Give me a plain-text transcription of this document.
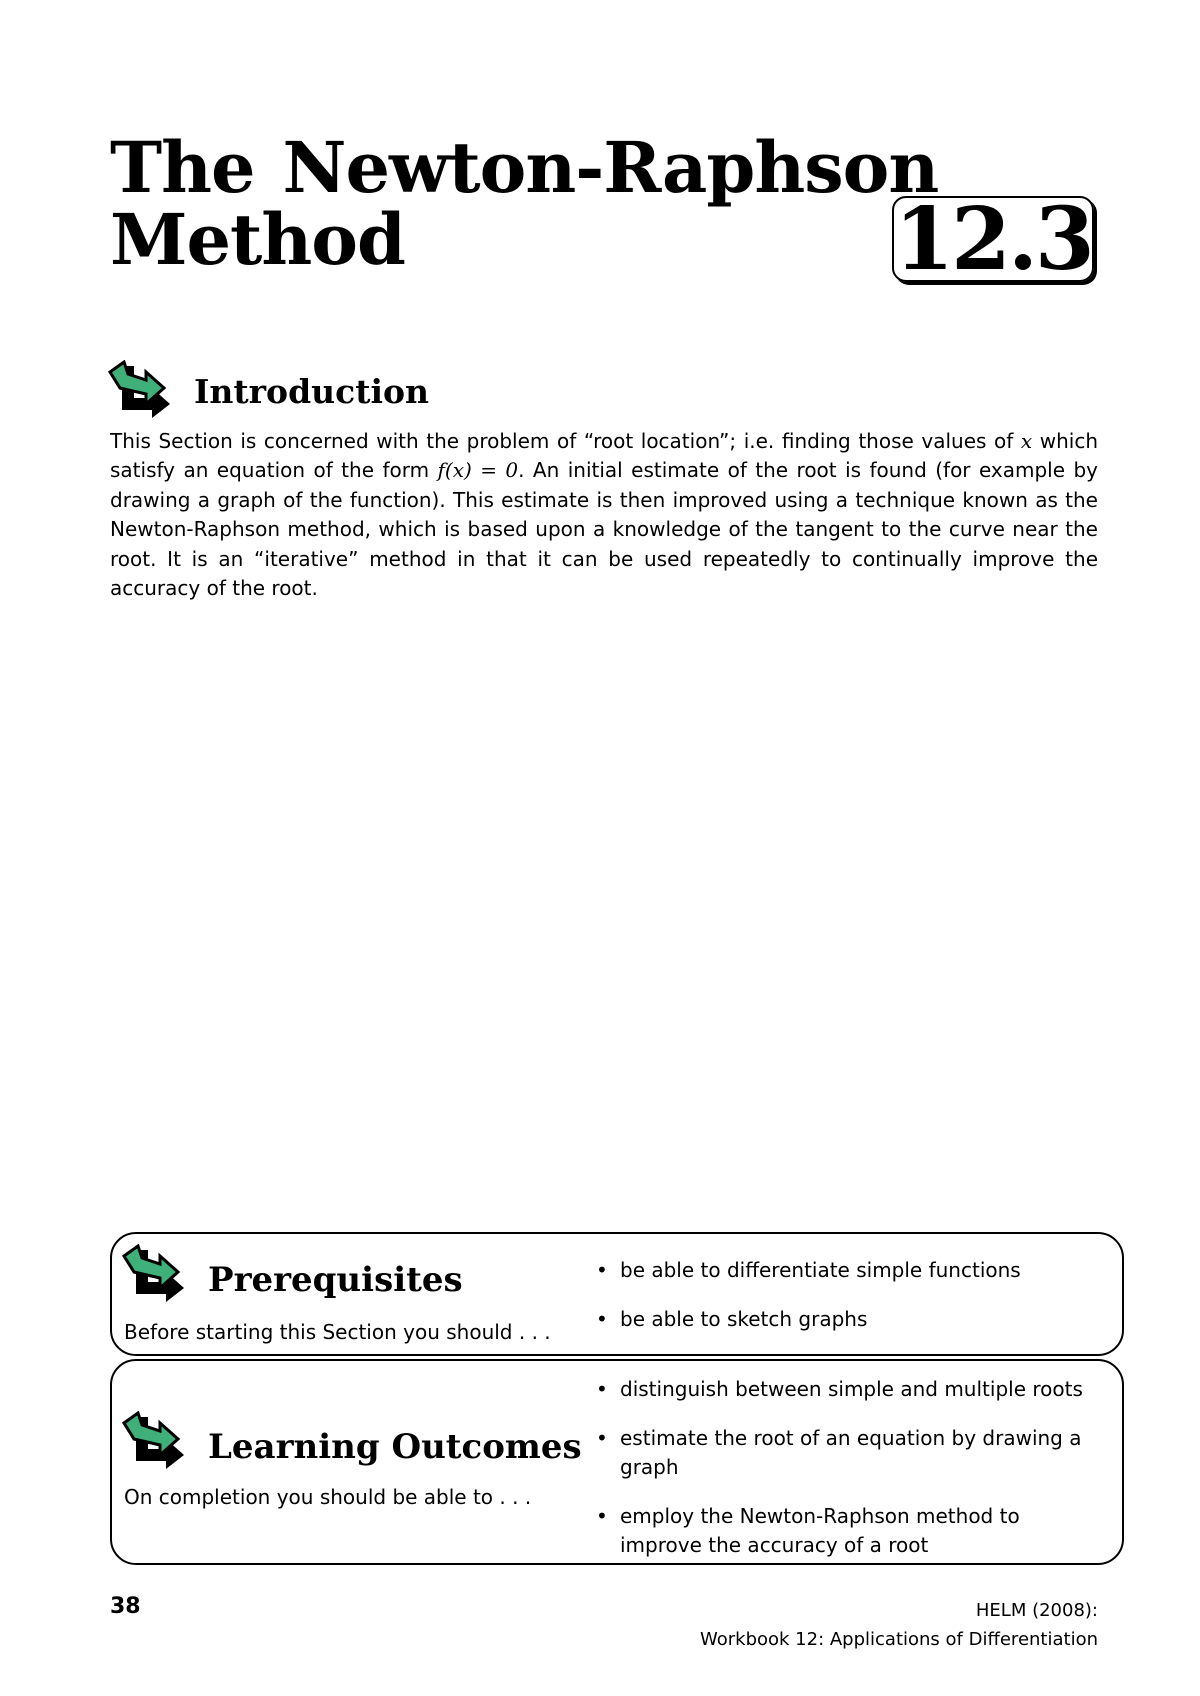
The Newton-Raphson
Method	12.3
Introduction

This Section is concerned with the problem of “root location”; i.e. finding those values of x which satisfy an equation of the form f(x) = 0. An initial estimate of the root is found (for example by drawing a graph of the function). This estimate is then improved using a technique known as the Newton-Raphson method, which is based upon a knowledge of the tangent to the curve near the root. It is an “iterative” method in that it can be used repeatedly to continually improve the accuracy of the root.

Prerequisites
Before starting this Section you should . . .
• be able to differentiate simple functions
• be able to sketch graphs
Learning Outcomes
On completion you should be able to . . .
• distinguish between simple and multiple roots
• estimate the root of an equation by drawing a graph
• employ the Newton-Raphson method to improve the accuracy of a root
38	HELM (2008):
Workbook 12: Applications of Differentiation
